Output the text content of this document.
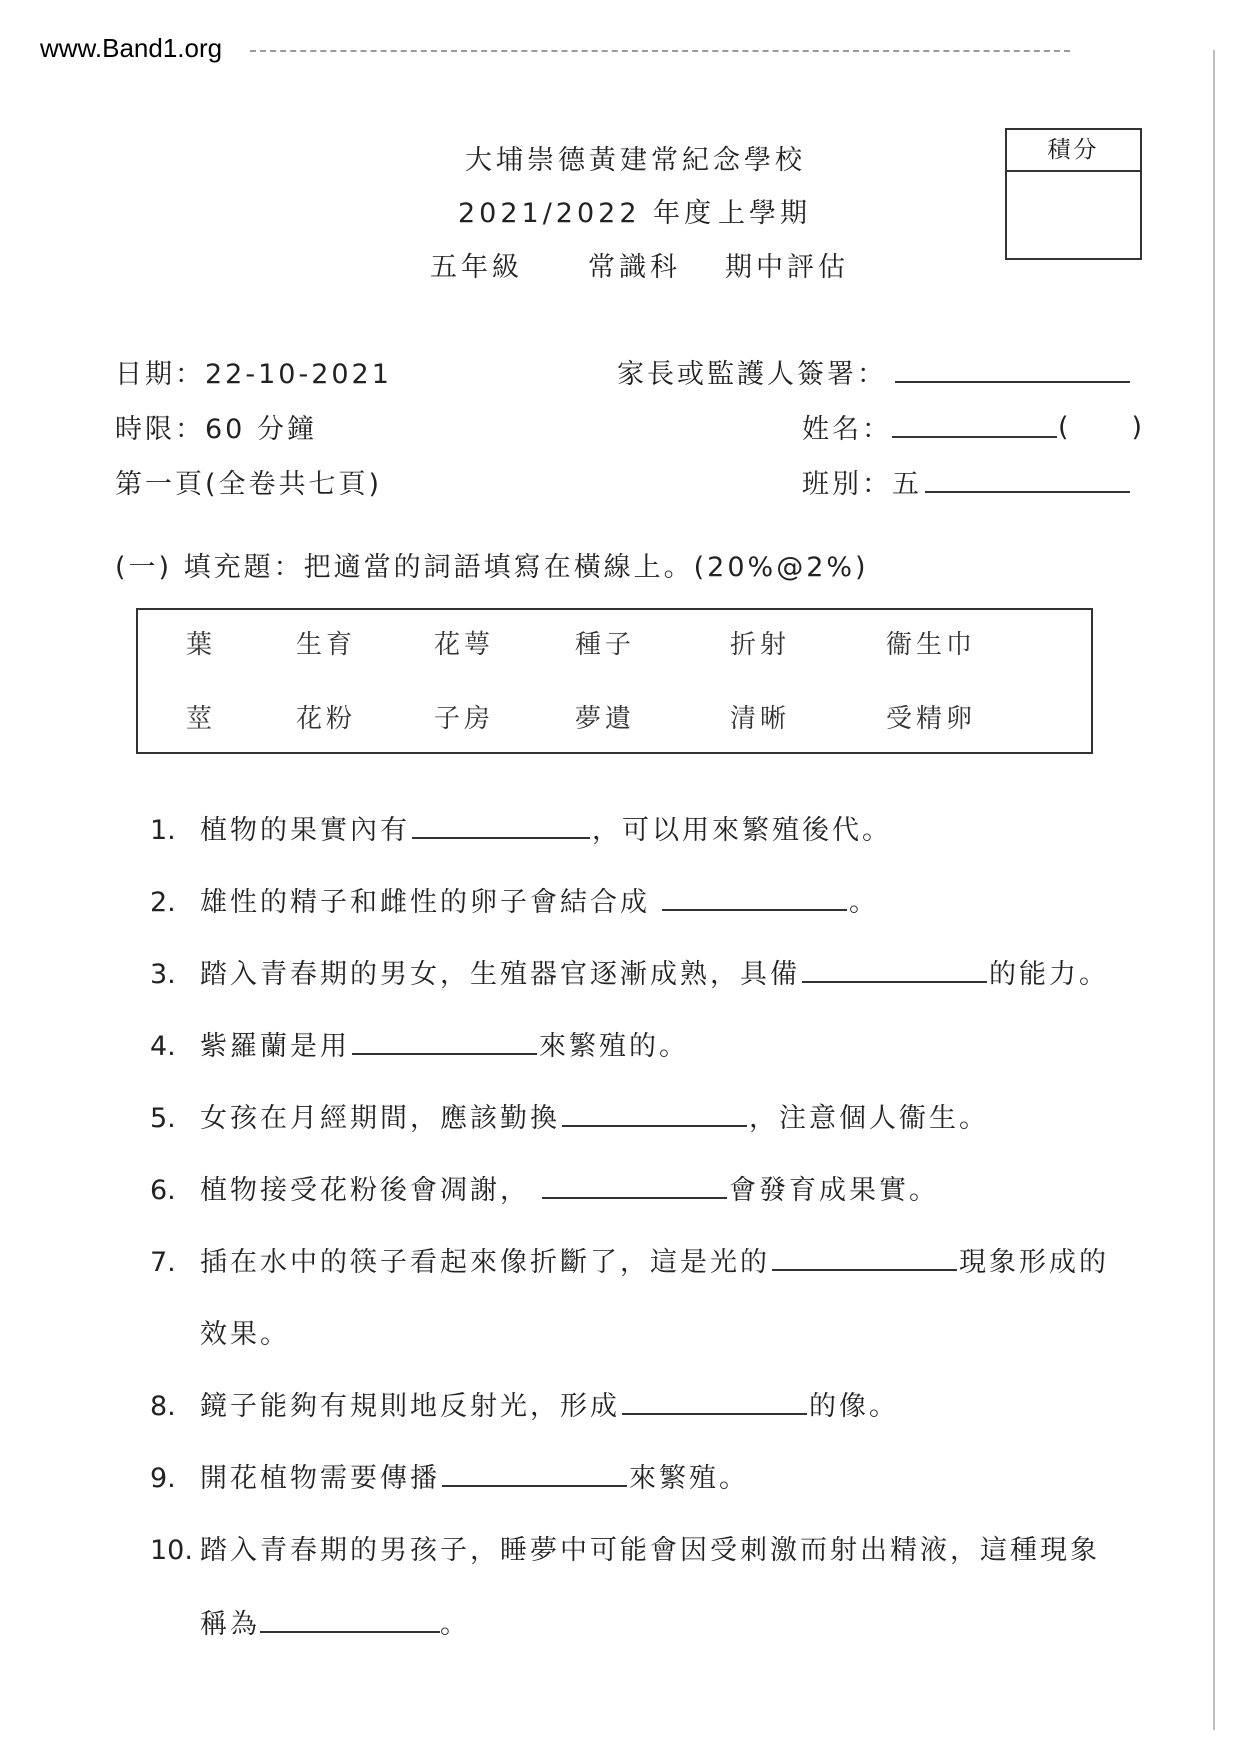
www.Band1.org
大埔崇德黃建常紀念學校
2021/2022 年度 上學期
五年級 常識科 期中評估
積分
日期：22-10-2021
時限：60 分鐘
第一頁(全卷共七頁)
家長或監護人簽署：
姓名：	(　　)
班別：五
(一) 填充題：把適當的詞語填寫在橫線上。(20%@2%)
葉	生育	花萼	種子	折射	衞生巾
莖	花粉	子房	夢遺	清晰	受精卵
1. 植物的果實內有	，可以用來繁殖後代。
2. 雄性的精子和雌性的卵子會結合成	。
3. 踏入青春期的男女，生殖器官逐漸成熟，具備	的能力。
4. 紫羅蘭是用	來繁殖的。
5. 女孩在月經期間，應該勤換	，注意個人衞生。
6. 植物接受花粉後會凋謝，	會發育成果實。
7. 插在水中的筷子看起來像折斷了，這是光的	現象形成的
效果。
8. 鏡子能夠有規則地反射光，形成	的像。
9. 開花植物需要傳播	來繁殖。
10. 踏入青春期的男孩子，睡夢中可能會因受刺激而射出精液，這種現象
稱為	。
